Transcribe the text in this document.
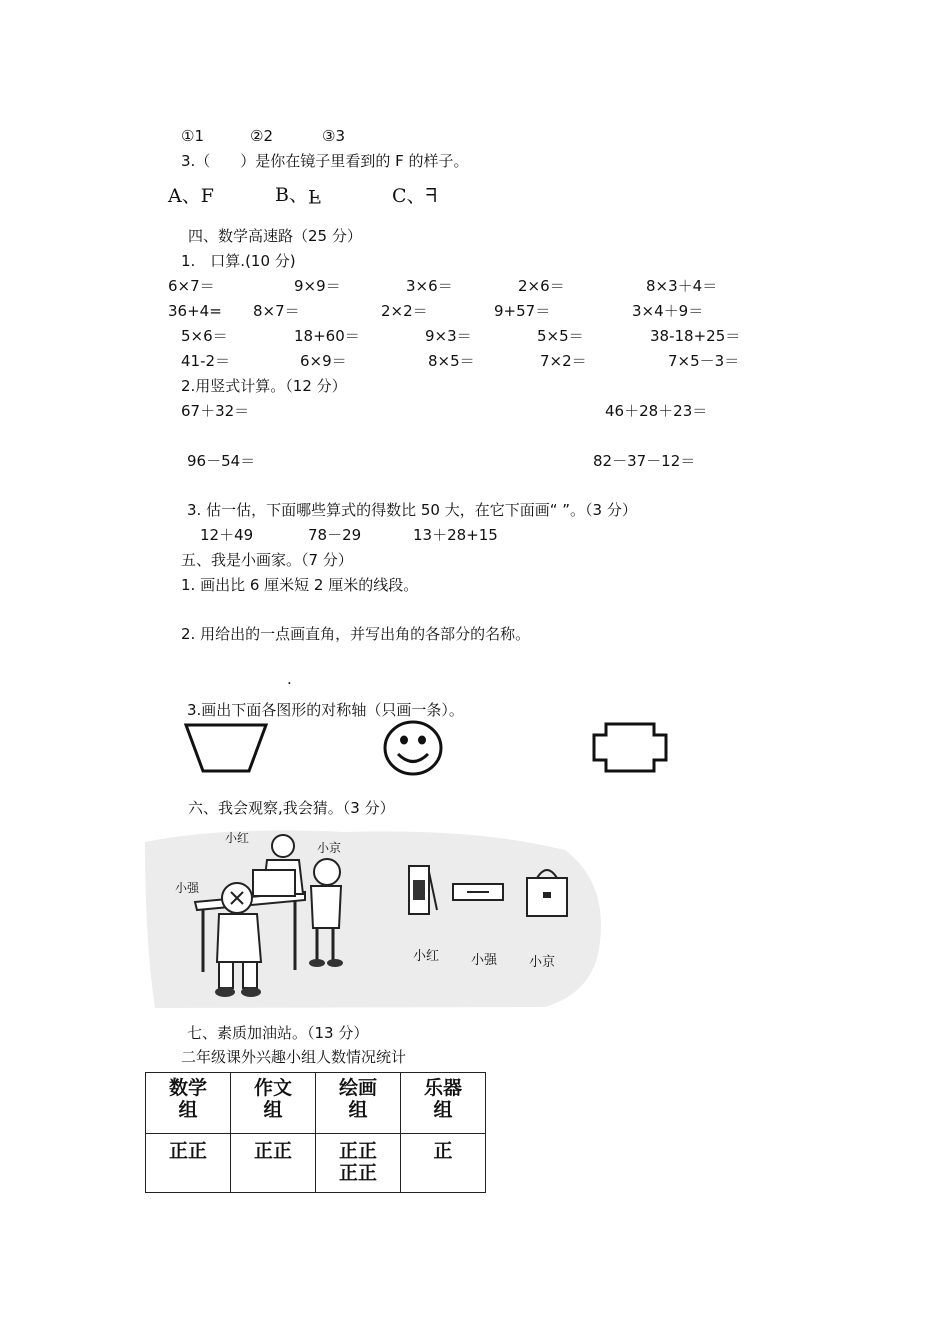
①1	②2	③3
3.（　　）是你在镜子里看到的 F 的样子。
A、F	B、F	C、ᖷ
四、数学高速路（25 分）
1.　口算.(10 分)
6×7＝	9×9＝	3×6＝	2×6＝	8×3＋4＝
36+4= 8×7＝	2×2＝	9+57＝	3×4＋9＝
5×6＝	18+60＝	9×3＝	5×5＝	38-18+25＝
41-2＝	6×9＝	8×5＝	7×2＝	7×5－3＝
2.用竖式计算。（12 分）
67＋32＝	46＋28＋23＝
96－54＝	82－37－12＝
3. 估一估，下面哪些算式的得数比 50 大，在它下面画“ ”。（3 分）
12＋49	78－29	13＋28+15
五、我是小画家。（7 分）
1. 画出比 6 厘米短 2 厘米的线段。
2. 用给出的一点画直角，并写出角的各部分的名称。
.
3.画出下面各图形的对称轴（只画一条）。
六、我会观察,我会猜。（3 分）
小红
小京
小强
小红 小强 小京
七、素质加油站。（13 分）
二年级课外兴趣小组人数情况统计
数学组	作文组	绘画组	乐器组

正正	正正	正正正正	正
